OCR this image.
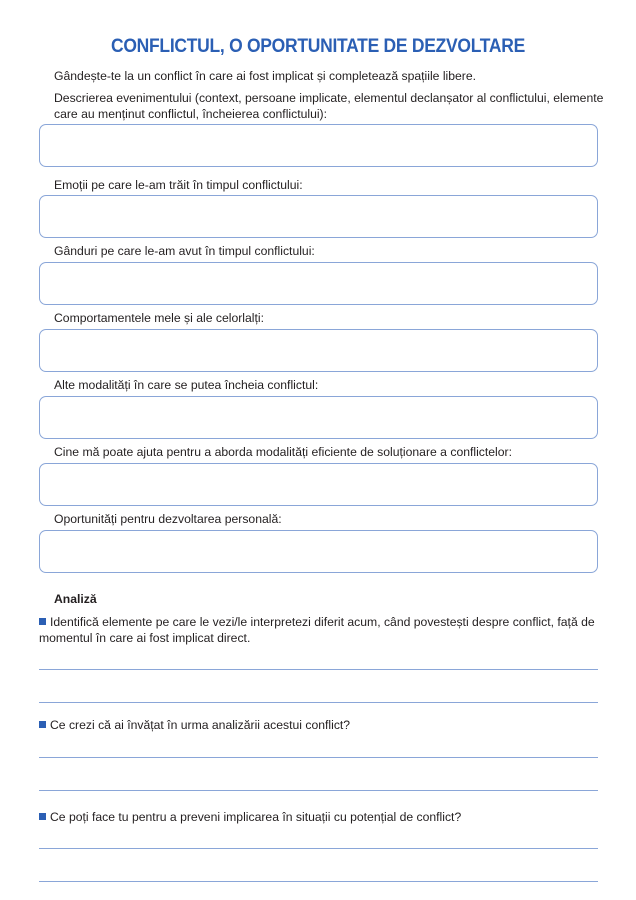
CONFLICTUL, O OPORTUNITATE DE DEZVOLTARE
Gândește-te la un conflict în care ai fost implicat și completează spațiile libere.
Descrierea evenimentului (context, persoane implicate, elementul declanșator al conflictului, elemente care au menținut conflictul, încheierea conflictului):
Emoții pe care le-am trăit în timpul conflictului:
Gânduri pe care le-am avut în timpul conflictului:
Comportamentele mele și ale celorlalți:
Alte modalități în care se putea încheia conflictul:
Cine mă poate ajuta pentru a aborda modalități eficiente de soluționare a conflictelor:
Oportunități pentru dezvoltarea personală:
Analiză
Identifică elemente pe care le vezi/le interpretezi diferit acum, când povestești despre conflict, față de momentul în care ai fost implicat direct.
Ce crezi că ai învățat în urma analizării acestui conflict?
Ce poți face tu pentru a preveni implicarea în situații cu potențial de conflict?
